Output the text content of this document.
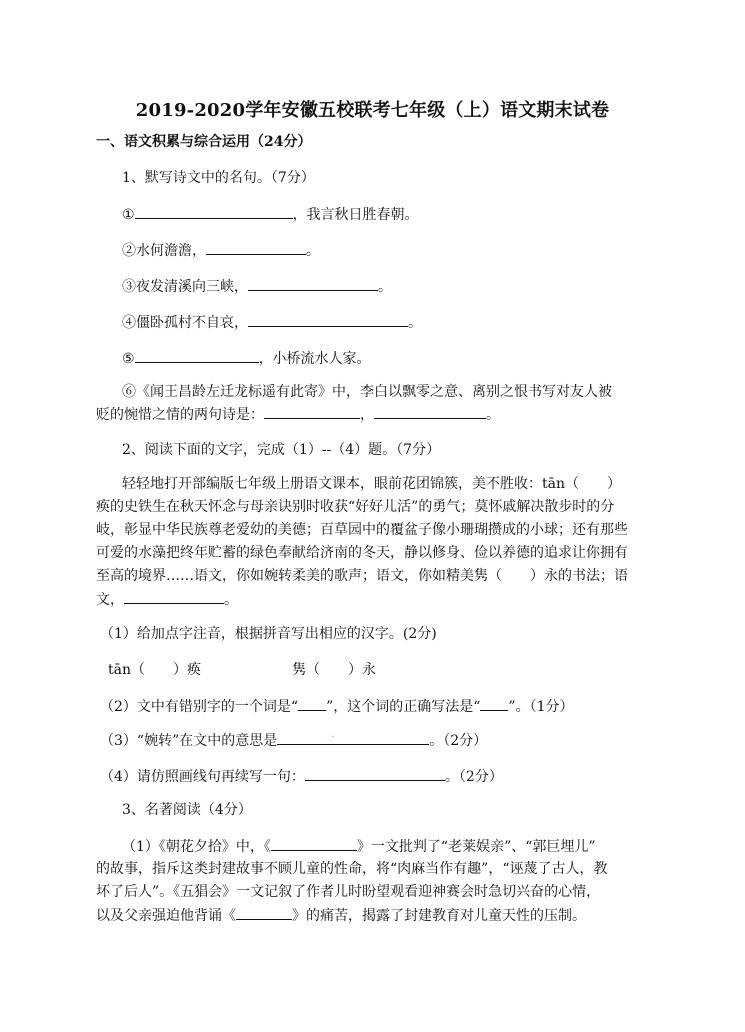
2019-2020学年安徽五校联考七年级（上）语文期末试卷
一、语文积累与综合运用（24分）
1、默写诗文中的名句。（7分）
①	，我言秋日胜春朝。
②水何澹澹，	。
③夜发清溪向三峡，	。
④僵卧孤村不自哀，	。
⑤	，小桥流水人家。
⑥《闻王昌龄左迁龙标遥有此寄》中，李白以飘零之意、离别之恨书写对友人被
贬的惋惜之情的两句诗是：	，	。
2、阅读下面的文字，完成（1）--（4）题。（7分）
轻轻地打开部编版七年级上册语文课本，眼前花团锦簇，美不胜收：tān（　　）
痪的史铁生在秋天怀念与母亲诀别时收获“好好儿活”的勇气；莫怀戚解决散步时的分
岐，彰显中华民族尊老爱幼的美德；百草园中的覆盆子像小珊瑚攒成的小球；还有那些
可爱的水藻把终年贮蓄的绿色奉献给济南的冬天，静以修身、俭以养德的追求让你拥有
至高的境界……语文，你如婉转柔美的歌声；语文，你如精美隽（　　）永的书法；语
文，	。
（1）给加点字注音，根据拼音写出相应的汉字。(2分)
tān（　　）痪	隽（　　）永
（2）文中有错别字的一个词是“ ”，这个词的正确写法是“ ”。（1分）
（3）“婉转”在文中的意思是	·	。（2分）
（4）请仿照画线句再续写一句：	。（2分）
3、名著阅读（4分）
（1）《朝花夕拾》中，《	》一文批判了“老莱娱亲”、“郭巨埋儿”
的故事，指斥这类封建故事不顾儿童的性命，将“肉麻当作有趣”，“诬蔑了古人，教
坏了后人”。《五猖会》一文记叙了作者儿时盼望观看迎神赛会时急切兴奋的心情，
以及父亲强迫他背诵《	》的痛苦，揭露了封建教育对儿童天性的压制。
